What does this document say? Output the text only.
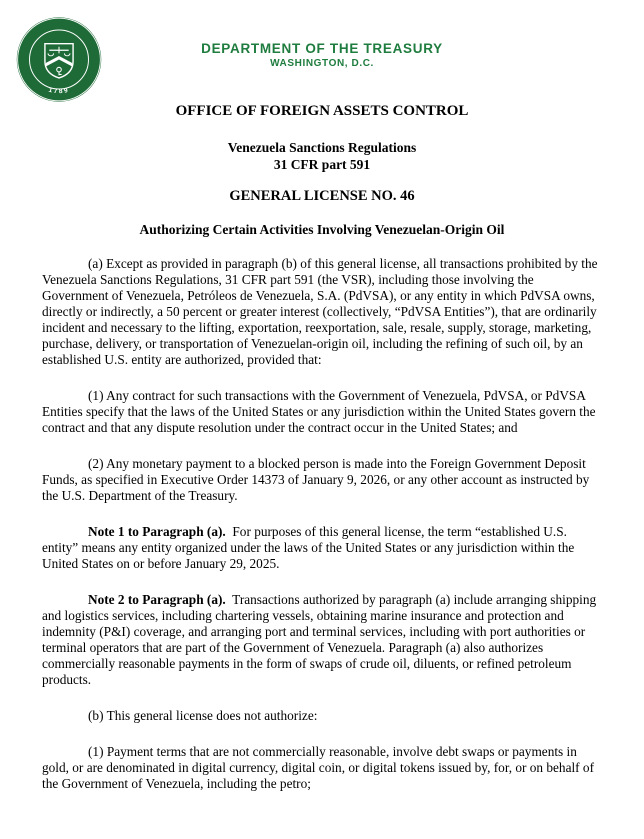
1789
DEPARTMENT OF THE TREASURY
WASHINGTON, D.C.
OFFICE OF FOREIGN ASSETS CONTROL
Venezuela Sanctions Regulations
31 CFR part 591
GENERAL LICENSE NO. 46
Authorizing Certain Activities Involving Venezuelan-Origin Oil

(a) Except as provided in paragraph (b) of this general license, all transactions prohibited by the Venezuela Sanctions Regulations, 31 CFR part 591 (the VSR), including those involving the Government of Venezuela, Petróleos de Venezuela, S.A. (PdVSA), or any entity in which PdVSA owns, directly or indirectly, a 50 percent or greater interest (collectively, “PdVSA Entities”), that are ordinarily incident and necessary to the lifting, exportation, reexportation, sale, resale, supply, storage, marketing, purchase, delivery, or transportation of Venezuelan-origin oil, including the refining of such oil, by an established U.S. entity are authorized, provided that:

(1) Any contract for such transactions with the Government of Venezuela, PdVSA, or PdVSA Entities specify that the laws of the United States or any jurisdiction within the United States govern the contract and that any dispute resolution under the contract occur in the United States; and

(2) Any monetary payment to a blocked person is made into the Foreign Government Deposit Funds, as specified in Executive Order 14373 of January 9, 2026, or any other account as instructed by the U.S. Department of the Treasury.

Note 1 to Paragraph (a).  For purposes of this general license, the term “established U.S. entity” means any entity organized under the laws of the United States or any jurisdiction within the United States on or before January 29, 2025.

Note 2 to Paragraph (a).  Transactions authorized by paragraph (a) include arranging shipping and logistics services, including chartering vessels, obtaining marine insurance and protection and indemnity (P&I) coverage, and arranging port and terminal services, including with port authorities or terminal operators that are part of the Government of Venezuela. Paragraph (a) also authorizes commercially reasonable payments in the form of swaps of crude oil, diluents, or refined petroleum products.

(b) This general license does not authorize:

(1) Payment terms that are not commercially reasonable, involve debt swaps or payments in gold, or are denominated in digital currency, digital coin, or digital tokens issued by, for, or on behalf of the Government of Venezuela, including the petro;
